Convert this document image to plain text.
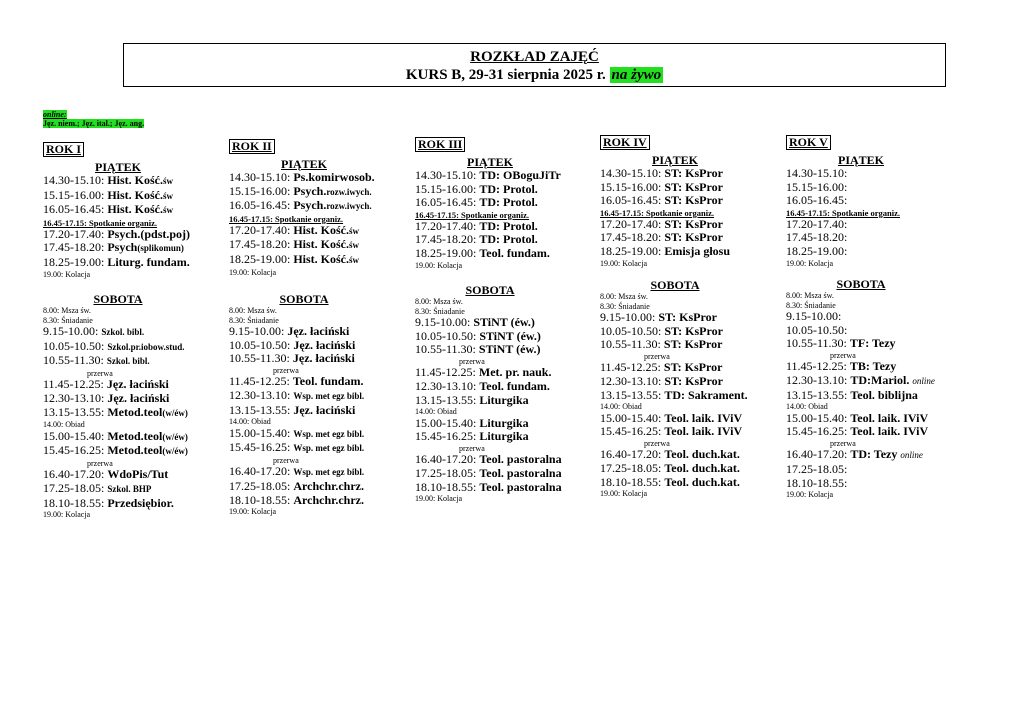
ROZKŁAD ZAJĘĆ
KURS B, 29-31 sierpnia 2025 r. na żywo
online:
Jęz. niem.; Jęz. ital.; Jęz. ang.
ROK I
PIĄTEK
14.30-15.10: Hist. Kość.św
15.15-16.00: Hist. Kość.św
16.05-16.45: Hist. Kość.św
16.45-17.15: Spotkanie organiz.
17.20-17.40: Psych.(pdst.poj)
17.45-18.20: Psych(splikomun)
18.25-19.00: Liturg. fundam.
19.00: Kolacja
SOBOTA
8.00: Msza św.
8.30: Śniadanie
9.15-10.00: Szkol. bibl.
10.05-10.50: Szkol.pr.iobow.stud.
10.55-11.30: Szkol. bibl.
przerwa
11.45-12.25: Jęz. łaciński
12.30-13.10: Jęz. łaciński
13.15-13.55: Metod.teol(w/éw)
14.00: Obiad
15.00-15.40: Metod.teol(w/éw)
15.45-16.25: Metod.teol(w/éw)
przerwa
16.40-17.20: WdoPis/Tut
17.25-18.05: Szkol. BHP
18.10-18.55: Przedsiębior.
19.00: Kolacja
ROK II
PIĄTEK
14.30-15.10: Ps.komirwosob.
15.15-16.00: Psych.rozw.iwych.
16.05-16.45: Psych.rozw.iwych.
16.45-17.15: Spotkanie organiz.
17.20-17.40: Hist. Kość.św
17.45-18.20: Hist. Kość.św
18.25-19.00: Hist. Kość.św
19.00: Kolacja
SOBOTA
8.00: Msza św.
8.30: Śniadanie
9.15-10.00: Jęz. łaciński
10.05-10.50: Jęz. łaciński
10.55-11.30: Jęz. łaciński
przerwa
11.45-12.25: Teol. fundam.
12.30-13.10: Wsp. met egz bibl.
13.15-13.55: Jęz. łaciński
14.00: Obiad
15.00-15.40: Wsp. met egz bibl.
15.45-16.25: Wsp. met egz bibl.
przerwa
16.40-17.20: Wsp. met egz bibl.
17.25-18.05: Archchr.chrz.
18.10-18.55: Archchr.chrz.
19.00: Kolacja
ROK III
PIĄTEK
14.30-15.10: TD: OBoguJiTr
15.15-16.00: TD: Protol.
16.05-16.45: TD: Protol.
16.45-17.15: Spotkanie organiz.
17.20-17.40: TD: Protol.
17.45-18.20: TD: Protol.
18.25-19.00: Teol. fundam.
19.00: Kolacja
SOBOTA
8.00: Msza św.
8.30: Śniadanie
9.15-10.00: STiNT (éw.)
10.05-10.50: STiNT (éw.)
10.55-11.30: STiNT (éw.)
przerwa
11.45-12.25: Met. pr. nauk.
12.30-13.10: Teol. fundam.
13.15-13.55: Liturgika
14.00: Obiad
15.00-15.40: Liturgika
15.45-16.25: Liturgika
przerwa
16.40-17.20: Teol. pastoralna
17.25-18.05: Teol. pastoralna
18.10-18.55: Teol. pastoralna
19.00: Kolacja
ROK IV
PIĄTEK
14.30-15.10: ST: KsPror
15.15-16.00: ST: KsPror
16.05-16.45: ST: KsPror
16.45-17.15: Spotkanie organiz.
17.20-17.40: ST: KsPror
17.45-18.20: ST: KsPror
18.25-19.00: Emisja głosu
19.00: Kolacja
SOBOTA
8.00: Msza św.
8.30: Śniadanie
9.15-10.00: ST: KsPror
10.05-10.50: ST: KsPror
10.55-11.30: ST: KsPror
przerwa
11.45-12.25: ST: KsPror
12.30-13.10: ST: KsPror
13.15-13.55: TD: Sakrament.
14.00: Obiad
15.00-15.40: Teol. laik. IViV
15.45-16.25: Teol. laik. IViV
przerwa
16.40-17.20: Teol. duch.kat.
17.25-18.05: Teol. duch.kat.
18.10-18.55: Teol. duch.kat.
19.00: Kolacja
ROK V
PIĄTEK
14.30-15.10:
15.15-16.00:
16.05-16.45:
16.45-17.15: Spotkanie organiz.
17.20-17.40:
17.45-18.20:
18.25-19.00:
19.00: Kolacja
SOBOTA
8.00: Msza św.
8.30: Śniadanie
9.15-10.00:
10.05-10.50:
10.55-11.30: TF: Tezy
przerwa
11.45-12.25: TB: Tezy
12.30-13.10: TD:Mariol. online
13.15-13.55: Teol. biblijna
14.00: Obiad
15.00-15.40: Teol. laik. IViV
15.45-16.25: Teol. laik. IViV
przerwa
16.40-17.20: TD: Tezy online
17.25-18.05:
18.10-18.55:
19.00: Kolacja
